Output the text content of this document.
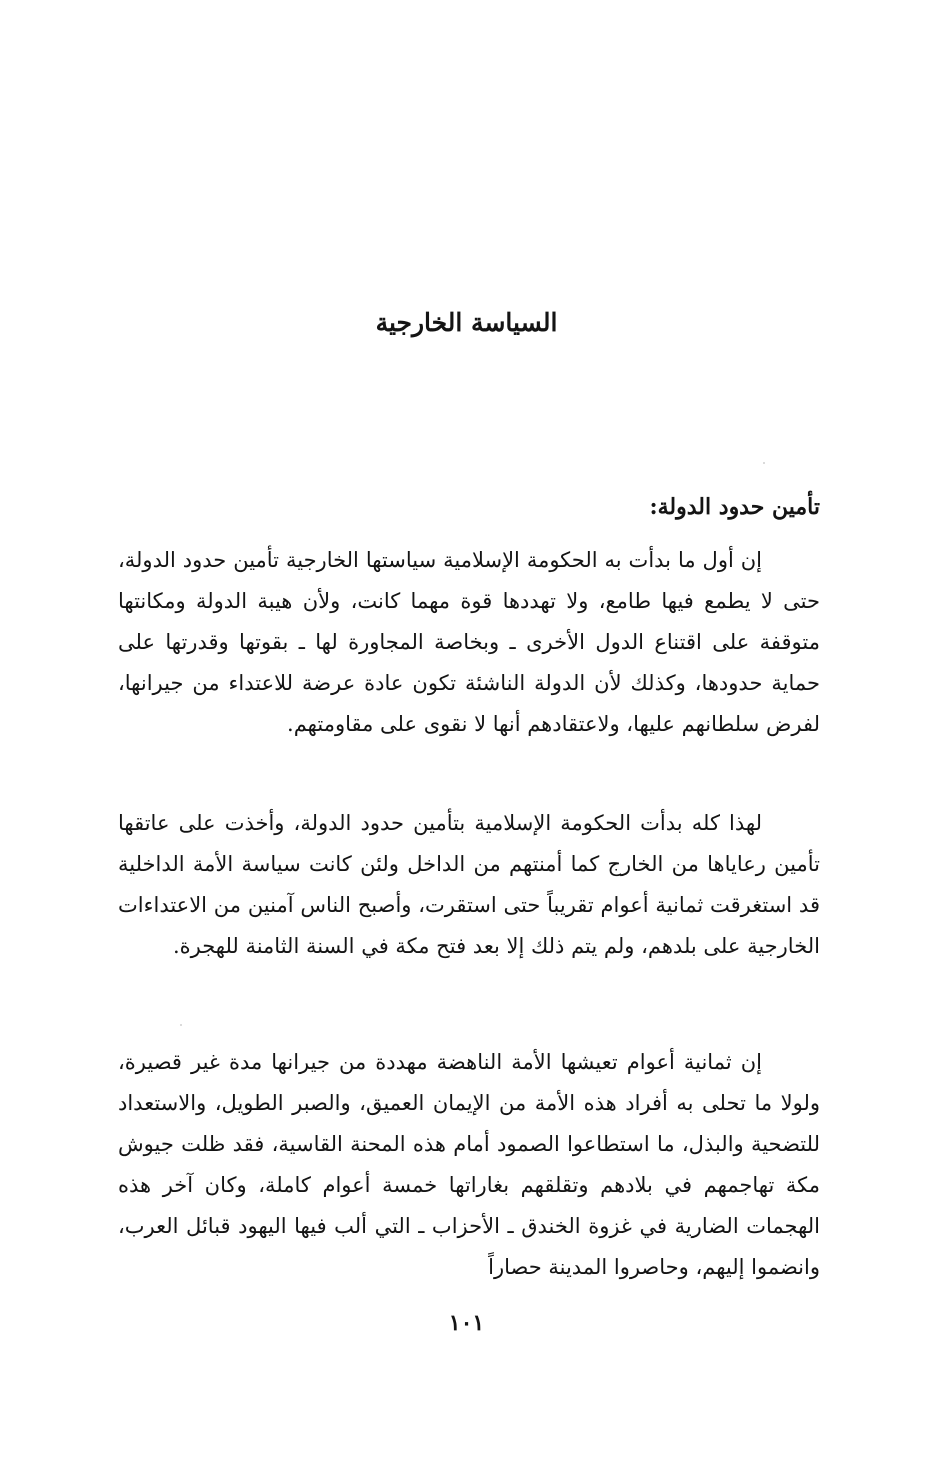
السياسة الخارجية
تأمين حدود الدولة:

إن أول ما بدأت به الحكومة الإسلامية سياستها الخارجية تأمين حدود الدولة، حتى لا يطمع فيها طامع، ولا تهددها قوة مهما كانت، ولأن هيبة الدولة ومكانتها متوقفة على اقتناع الدول الأخرى ـ وبخاصة المجاورة لها ـ بقوتها وقدرتها على حماية حدودها، وكذلك لأن الدولة الناشئة تكون عادة عرضة للاعتداء من جيرانها، لفرض سلطانهم عليها، ولاعتقادهم أنها لا نقوى على مقاومتهم.

لهذا كله بدأت الحكومة الإسلامية بتأمين حدود الدولة، وأخذت على عاتقها تأمين رعاياها من الخارج كما أمنتهم من الداخل ولئن كانت سياسة الأمة الداخلية قد استغرقت ثمانية أعوام تقريباً حتى استقرت، وأصبح الناس آمنين من الاعتداءات الخارجية على بلدهم، ولم يتم ذلك إلا بعد فتح مكة في السنة الثامنة للهجرة.

إن ثمانية أعوام تعيشها الأمة الناهضة مهددة من جيرانها مدة غير قصيرة، ولولا ما تحلى به أفراد هذه الأمة من الإيمان العميق، والصبر الطويل، والاستعداد للتضحية والبذل، ما استطاعوا الصمود أمام هذه المحنة القاسية، فقد ظلت جيوش مكة تهاجمهم في بلادهم وتقلقهم بغاراتها خمسة أعوام كاملة، وكان آخر هذه الهجمات الضارية في غزوة الخندق ـ الأحزاب ـ التي ألب فيها اليهود قبائل العرب، وانضموا إليهم، وحاصروا المدينة حصاراً

١٠١
